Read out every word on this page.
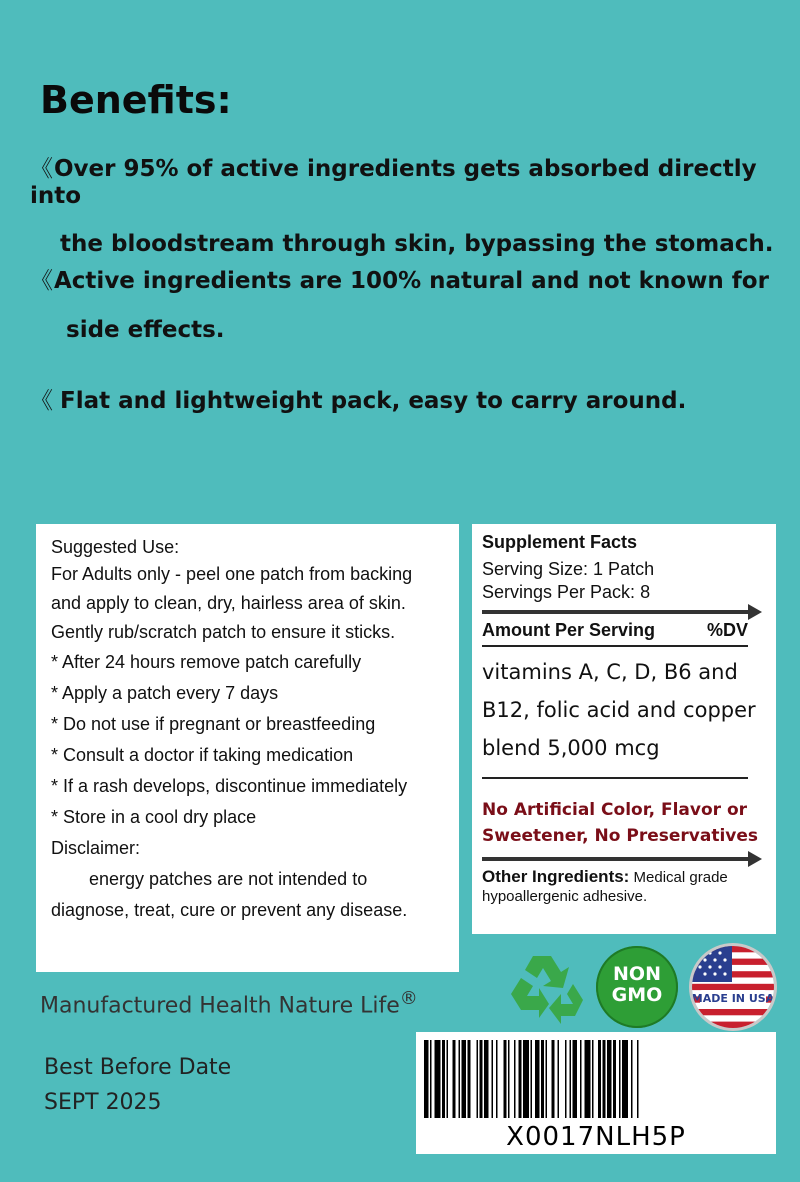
Benefits:
《Over 95% of active ingredients gets absorbed directly into
the bloodstream through skin, bypassing the stomach.
《Active ingredients are 100% natural and not known for
side effects.
《 Flat and lightweight pack, easy to carry around.
Suggested Use:
For Adults only - peel one patch from backing and apply to clean, dry, hairless area of skin. Gently rub/scratch patch to ensure it sticks.
* After 24 hours remove patch carefully
* Apply a patch every 7 days
* Do not use if pregnant or breastfeeding
* Consult a doctor if taking medication
* If a rash develops, discontinue immediately
* Store in a cool dry place
Disclaimer:
energy patches are not intended to
diagnose, treat, cure or prevent any disease.
Supplement Facts
Serving Size: 1 Patch
Servings Per Pack: 8
Amount Per Serving	%DV
vitamins A, C, D, B6 and
B12, folic acid and copper
blend 5,000 mcg
No Artificial Color, Flavor or
Sweetener, No Preservatives
Other Ingredients: Medical grade
hypoallergenic adhesive.
Manufactured Health Nature Life®
Best Before Date
SEPT 2025
NON
GMO	MADE IN USA
X0017NLH5P
